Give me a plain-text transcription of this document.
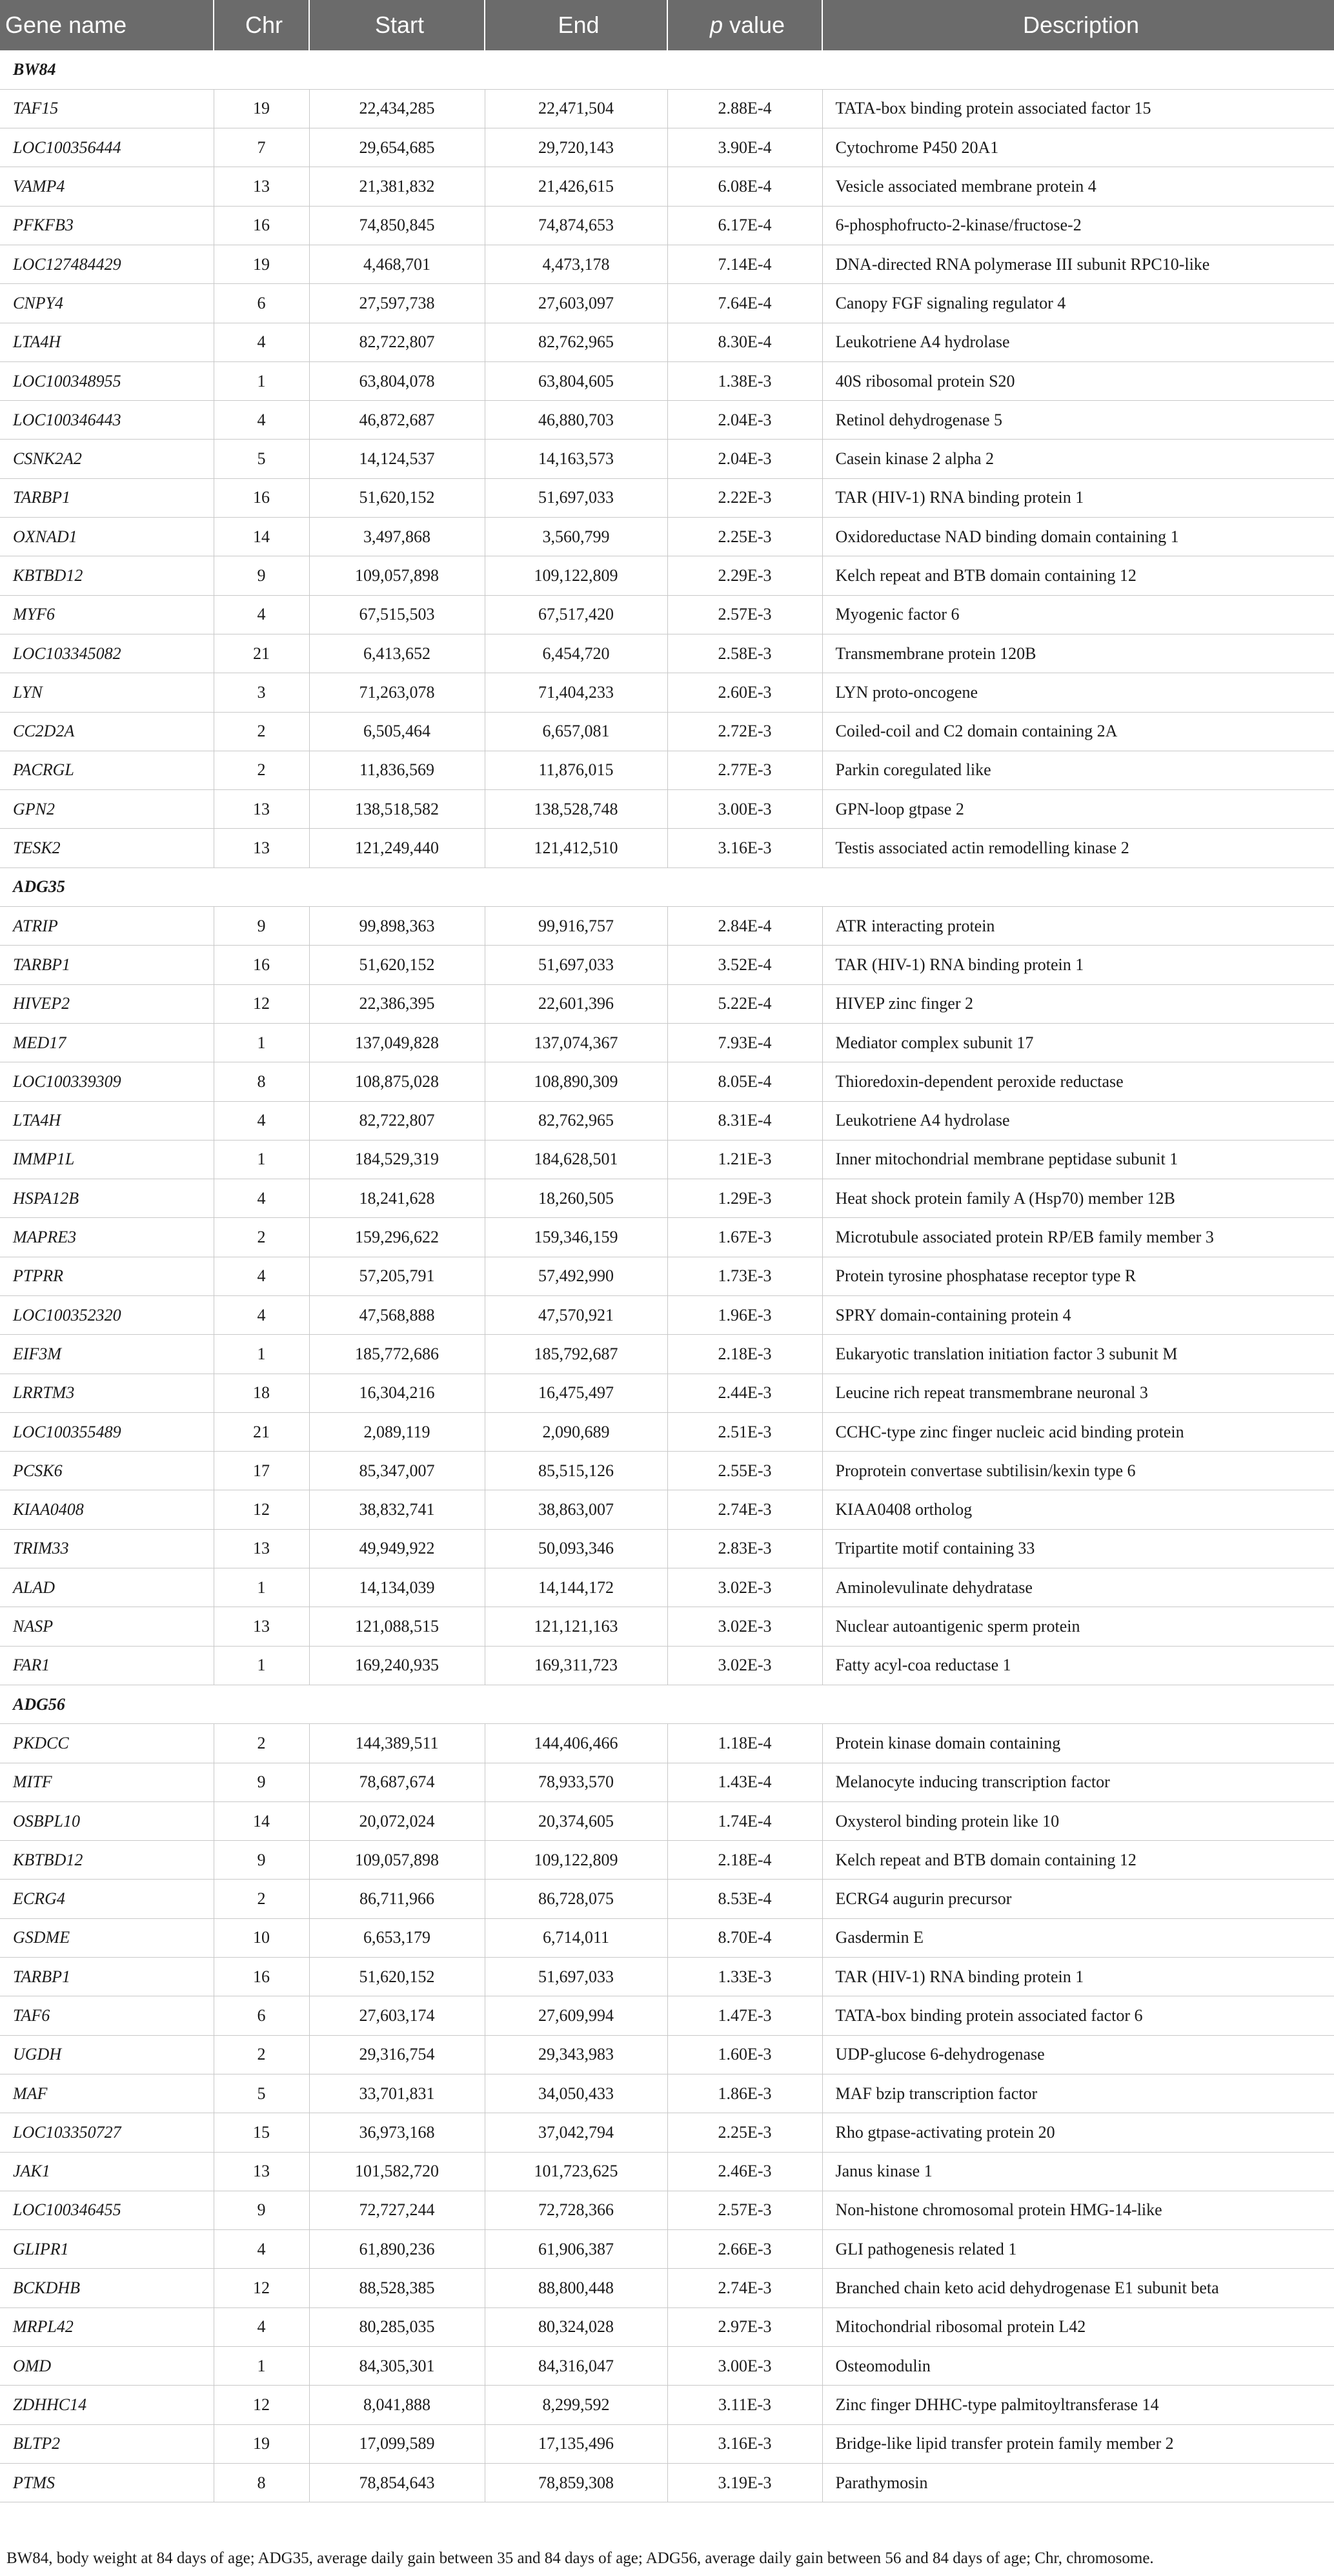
Gene name	Chr	Start	End	p value	Description
BW84					
TAF15	19	22,434,285	22,471,504	2.88E-4	TATA-box binding protein associated factor 15
LOC100356444	7	29,654,685	29,720,143	3.90E-4	Cytochrome P450 20A1
VAMP4	13	21,381,832	21,426,615	6.08E-4	Vesicle associated membrane protein 4
PFKFB3	16	74,850,845	74,874,653	6.17E-4	6-phosphofructo-2-kinase/fructose-2
LOC127484429	19	4,468,701	4,473,178	7.14E-4	DNA-directed RNA polymerase III subunit RPC10-like
CNPY4	6	27,597,738	27,603,097	7.64E-4	Canopy FGF signaling regulator 4
LTA4H	4	82,722,807	82,762,965	8.30E-4	Leukotriene A4 hydrolase
LOC100348955	1	63,804,078	63,804,605	1.38E-3	40S ribosomal protein S20
LOC100346443	4	46,872,687	46,880,703	2.04E-3	Retinol dehydrogenase 5
CSNK2A2	5	14,124,537	14,163,573	2.04E-3	Casein kinase 2 alpha 2
TARBP1	16	51,620,152	51,697,033	2.22E-3	TAR (HIV-1) RNA binding protein 1
OXNAD1	14	3,497,868	3,560,799	2.25E-3	Oxidoreductase NAD binding domain containing 1
KBTBD12	9	109,057,898	109,122,809	2.29E-3	Kelch repeat and BTB domain containing 12
MYF6	4	67,515,503	67,517,420	2.57E-3	Myogenic factor 6
LOC103345082	21	6,413,652	6,454,720	2.58E-3	Transmembrane protein 120B
LYN	3	71,263,078	71,404,233	2.60E-3	LYN proto-oncogene
CC2D2A	2	6,505,464	6,657,081	2.72E-3	Coiled-coil and C2 domain containing 2A
PACRGL	2	11,836,569	11,876,015	2.77E-3	Parkin coregulated like
GPN2	13	138,518,582	138,528,748	3.00E-3	GPN-loop gtpase 2
TESK2	13	121,249,440	121,412,510	3.16E-3	Testis associated actin remodelling kinase 2
ADG35					
ATRIP	9	99,898,363	99,916,757	2.84E-4	ATR interacting protein
TARBP1	16	51,620,152	51,697,033	3.52E-4	TAR (HIV-1) RNA binding protein 1
HIVEP2	12	22,386,395	22,601,396	5.22E-4	HIVEP zinc finger 2
MED17	1	137,049,828	137,074,367	7.93E-4	Mediator complex subunit 17
LOC100339309	8	108,875,028	108,890,309	8.05E-4	Thioredoxin-dependent peroxide reductase
LTA4H	4	82,722,807	82,762,965	8.31E-4	Leukotriene A4 hydrolase
IMMP1L	1	184,529,319	184,628,501	1.21E-3	Inner mitochondrial membrane peptidase subunit 1
HSPA12B	4	18,241,628	18,260,505	1.29E-3	Heat shock protein family A (Hsp70) member 12B
MAPRE3	2	159,296,622	159,346,159	1.67E-3	Microtubule associated protein RP/EB family member 3
PTPRR	4	57,205,791	57,492,990	1.73E-3	Protein tyrosine phosphatase receptor type R
LOC100352320	4	47,568,888	47,570,921	1.96E-3	SPRY domain-containing protein 4
EIF3M	1	185,772,686	185,792,687	2.18E-3	Eukaryotic translation initiation factor 3 subunit M
LRRTM3	18	16,304,216	16,475,497	2.44E-3	Leucine rich repeat transmembrane neuronal 3
LOC100355489	21	2,089,119	2,090,689	2.51E-3	CCHC-type zinc finger nucleic acid binding protein
PCSK6	17	85,347,007	85,515,126	2.55E-3	Proprotein convertase subtilisin/kexin type 6
KIAA0408	12	38,832,741	38,863,007	2.74E-3	KIAA0408 ortholog
TRIM33	13	49,949,922	50,093,346	2.83E-3	Tripartite motif containing 33
ALAD	1	14,134,039	14,144,172	3.02E-3	Aminolevulinate dehydratase
NASP	13	121,088,515	121,121,163	3.02E-3	Nuclear autoantigenic sperm protein
FAR1	1	169,240,935	169,311,723	3.02E-3	Fatty acyl-coa reductase 1
ADG56					
PKDCC	2	144,389,511	144,406,466	1.18E-4	Protein kinase domain containing
MITF	9	78,687,674	78,933,570	1.43E-4	Melanocyte inducing transcription factor
OSBPL10	14	20,072,024	20,374,605	1.74E-4	Oxysterol binding protein like 10
KBTBD12	9	109,057,898	109,122,809	2.18E-4	Kelch repeat and BTB domain containing 12
ECRG4	2	86,711,966	86,728,075	8.53E-4	ECRG4 augurin precursor
GSDME	10	6,653,179	6,714,011	8.70E-4	Gasdermin E
TARBP1	16	51,620,152	51,697,033	1.33E-3	TAR (HIV-1) RNA binding protein 1
TAF6	6	27,603,174	27,609,994	1.47E-3	TATA-box binding protein associated factor 6
UGDH	2	29,316,754	29,343,983	1.60E-3	UDP-glucose 6-dehydrogenase
MAF	5	33,701,831	34,050,433	1.86E-3	MAF bzip transcription factor
LOC103350727	15	36,973,168	37,042,794	2.25E-3	Rho gtpase-activating protein 20
JAK1	13	101,582,720	101,723,625	2.46E-3	Janus kinase 1
LOC100346455	9	72,727,244	72,728,366	2.57E-3	Non-histone chromosomal protein HMG-14-like
GLIPR1	4	61,890,236	61,906,387	2.66E-3	GLI pathogenesis related 1
BCKDHB	12	88,528,385	88,800,448	2.74E-3	Branched chain keto acid dehydrogenase E1 subunit beta
MRPL42	4	80,285,035	80,324,028	2.97E-3	Mitochondrial ribosomal protein L42
OMD	1	84,305,301	84,316,047	3.00E-3	Osteomodulin
ZDHHC14	12	8,041,888	8,299,592	3.11E-3	Zinc finger DHHC-type palmitoyltransferase 14
BLTP2	19	17,099,589	17,135,496	3.16E-3	Bridge-like lipid transfer protein family member 2
PTMS	8	78,854,643	78,859,308	3.19E-3	Parathymosin
BW84, body weight at 84 days of age; ADG35, average daily gain between 35 and 84 days of age; ADG56, average daily gain between 56 and 84 days of age; Chr, chromosome.
